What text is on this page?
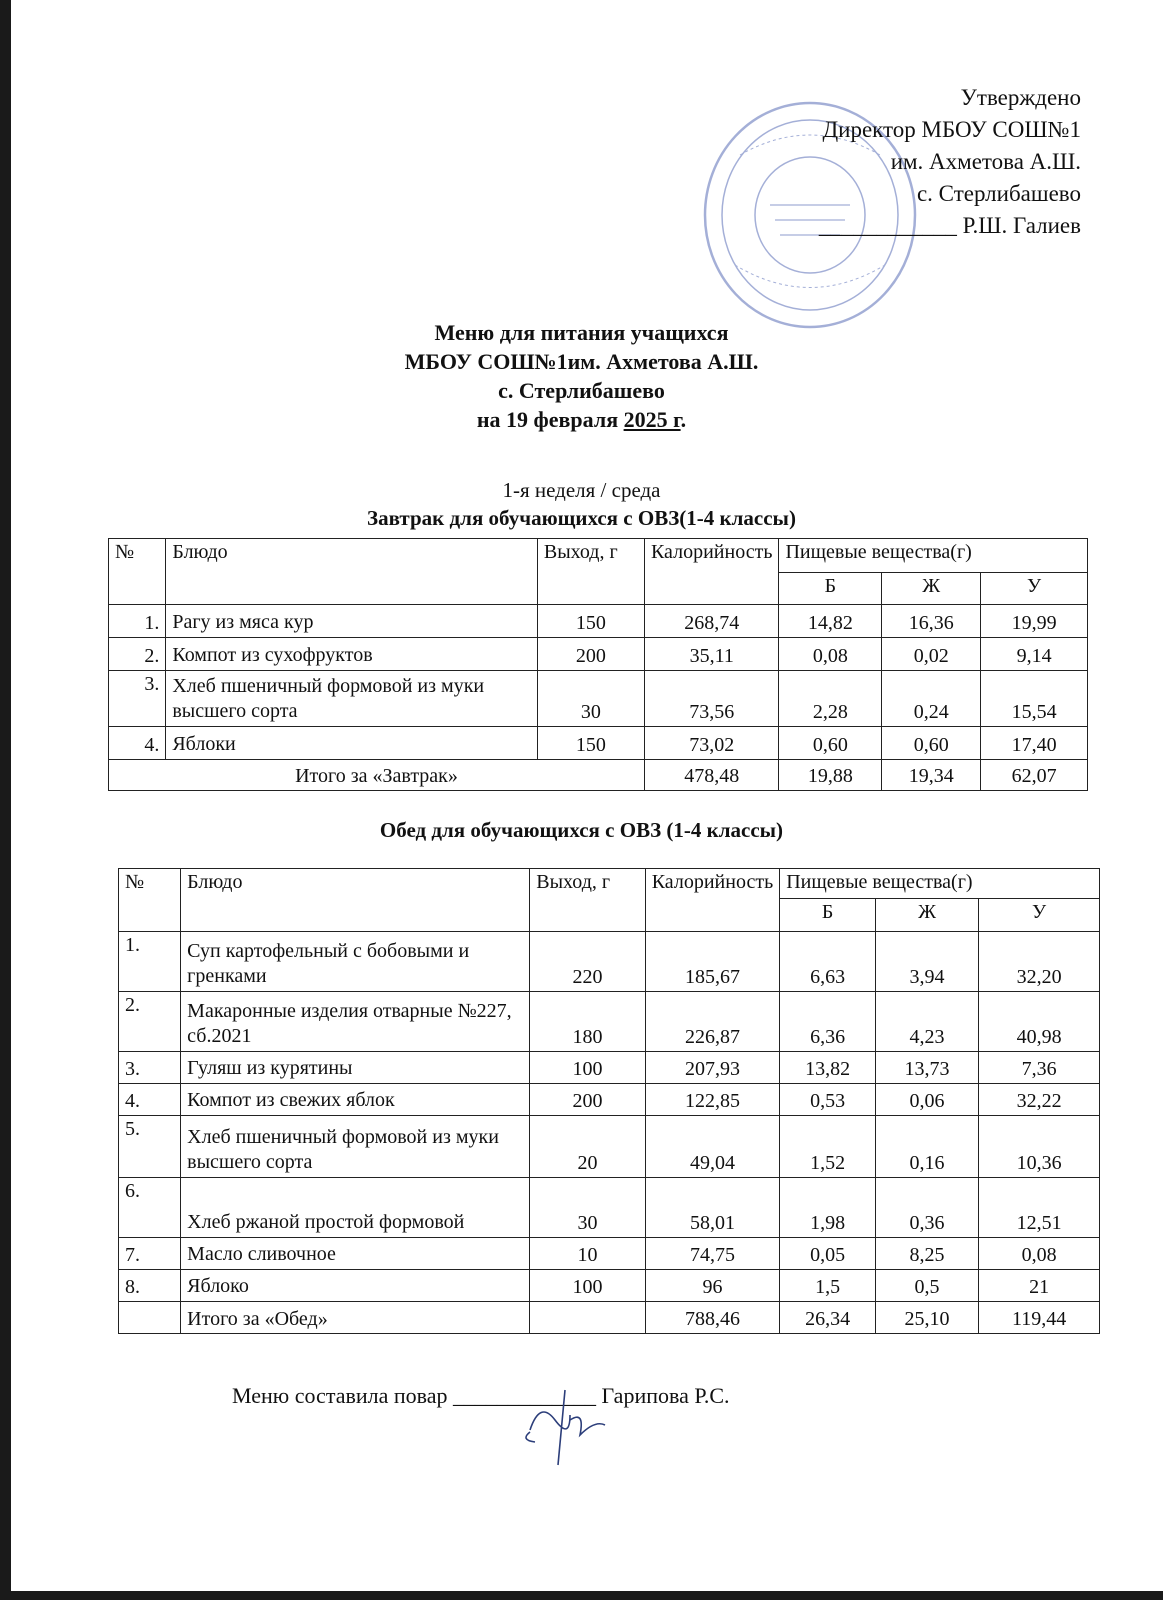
Утверждено
Директор МБОУ СОШ№1
им. Ахметова А.Ш.
с. Стерлибашево
____________ Р.Ш. Галиев
Меню для питания учащихся
МБОУ СОШ№1им. Ахметова А.Ш.
с. Стерлибашево
на 19 февраля 2025 г.
1-я неделя / среда
Завтрак для обучающихся с ОВЗ(1-4 классы)
№	Блюдо	Выход, г	Калорийность	Пищевые вещества(г)		
				Б	Ж	У
1.	Рагу из мяса кур	150	268,74	14,82	16,36	19,99
2.	Компот из сухофруктов	200	35,11	0,08	0,02	9,14
3.	Хлеб пшеничный формовой из муки высшего сорта	30	73,56	2,28	0,24	15,54
4.	Яблоки	150	73,02	0,60	0,60	17,40
Итого за «Завтрак»			478,48	19,88	19,34	62,07
Обед для обучающихся с ОВЗ (1-4 классы)
№	Блюдо	Выход, г	Калорийность	Пищевые вещества(г)		
				Б	Ж	У
1.	Суп картофельный с бобовыми и гренками	220	185,67	6,63	3,94	32,20
2.	Макаронные изделия отварные №227, сб.2021	180	226,87	6,36	4,23	40,98
3.	Гуляш из курятины	100	207,93	13,82	13,73	7,36
4.	Компот из свежих яблок	200	122,85	0,53	0,06	32,22
5.	Хлеб пшеничный формовой из муки высшего сорта	20	49,04	1,52	0,16	10,36
6.	Хлеб ржаной простой формовой	30	58,01	1,98	0,36	12,51
7.	Масло сливочное	10	74,75	0,05	8,25	0,08
8.	Яблоко	100	96	1,5	0,5	21
	Итого за «Обед»		788,46	26,34	25,10	119,44
Меню составила повар _____________ Гарипова Р.С.
